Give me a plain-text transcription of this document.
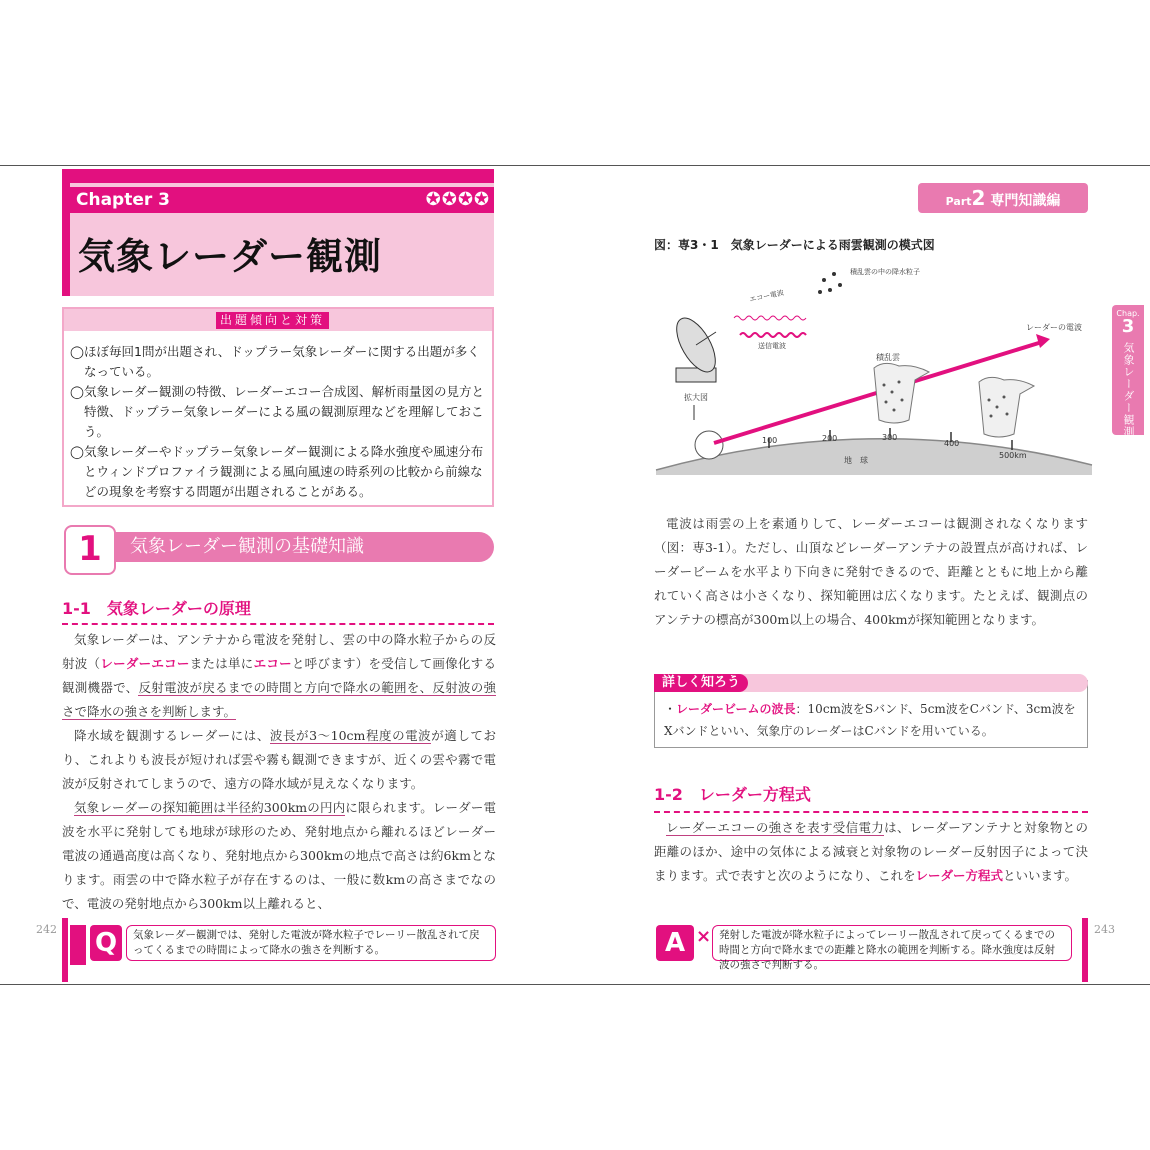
Chapter 3	✪✪✪✪
気象レーダー観測
出題傾向と対策

◯ほぼ毎回1問が出題され、ドップラー気象レーダーに関する出題が多くなっている。

◯気象レーダー観測の特徴、レーダーエコー合成図、解析雨量図の見方と特徴、ドップラー気象レーダーによる風の観測原理などを理解しておこう。

◯気象レーダーやドップラー気象レーダー観測による降水強度や風速分布とウィンドプロファイラ観測による風向風速の時系列の比較から前線などの現象を考察する問題が出題されることがある。

気象レーダー観測の基礎知識
1
1-1　気象レーダーの原理
気象レーダーは、アンテナから電波を発射し、雲の中の降水粒子からの反射波（レーダーエコーまたは単にエコーと呼びます）を受信して画像化する観測機器で、反射電波が戻るまでの時間と方向で降水の範囲を、反射波の強さで降水の強さを判断します。
降水域を観測するレーダーには、波長が3～10cm程度の電波が適しており、これよりも波長が短ければ雲や霧も観測できますが、近くの雲や霧で電波が反射されてしまうので、遠方の降水域が見えなくなります。
気象レーダーの探知範囲は半径約300kmの円内に限られます。レーダー電波を水平に発射しても地球が球形のため、発射地点から離れるほどレーダー電波の通過高度は高くなり、発射地点から300kmの地点で高さは約6kmとなります。雨雲の中で降水粒子が存在するのは、一般に数kmの高さまでなので、電波の発射地点から300km以上離れると、
242 Q	気象レーダー観測では、発射した電波が降水粒子でレーリー散乱されて戻ってくるまでの時間によって降水の強さを判断する。
Part2 専門知識編
Chap.
3
気象レーダー観測
図：専3・1　気象レーダーによる雨雲観測の模式図
100	200	300
400
500km
地　球
拡大図
レーダーの電波
積乱雲
エコー電波
送信電波
積乱雲の中の降水粒子
電波は雨雲の上を素通りして、レーダーエコーは観測されなくなります（図：専3-1）。ただし、山頂などレーダーアンテナの設置点が高ければ、レーダービームを水平より下向きに発射できるので、距離とともに地上から離れていく高さは小さくなり、探知範囲は広くなります。たとえば、観測点のアンテナの標高が300m以上の場合、400kmが探知範囲となります。
詳しく知ろう
・レーダービームの波長：10cm波をSバンド、5cm波をCバンド、3cm波をXバンドといい、気象庁のレーダーはCバンドを用いている。
1-2　レーダー方程式
レーダーエコーの強さを表す受信電力は、レーダーアンテナと対象物との距離のほか、途中の気体による減衰と対象物のレーダー反射因子によって決まります。式で表すと次のようになり、これをレーダー方程式といいます。
A × 発射した電波が降水粒子によってレーリー散乱されて戻ってくるまでの時間と方向で降水までの距離と降水の範囲を判断する。降水強度は反射波の強さで判断する。
243
